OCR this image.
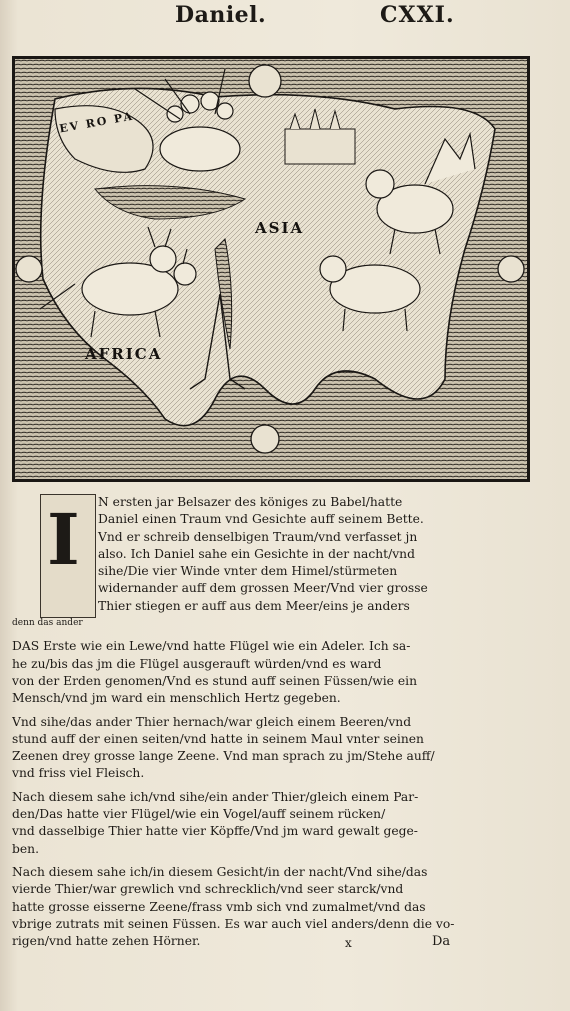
Daniel.	CXXI.
EV RO PA
ASIA
AFRICA
I	N ersten jar Belsazer des königes zu Babel/hatte
Daniel einen Traum vnd Gesichte auff seinem Bette.
Vnd er schreib denselbigen Traum/vnd verfasset jn
also. Ich Daniel sahe ein Gesichte in der nacht/vnd
sihe/Die vier Winde vnter dem Himel/stürmeten
widernander auff dem grossen Meer/Vnd vier grosse
Thier stiegen er auff aus dem Meer/eins je anders
denn das ander
DAS Erste wie ein Lewe/vnd hatte Flügel wie ein Adeler. Ich sa-
he zu/bis das jm die Flügel ausgerauft würden/vnd es ward
von der Erden genomen/Vnd es stund auff seinen Füssen/wie ein
Mensch/vnd jm ward ein menschlich Hertz gegeben.
Vnd sihe/das ander Thier hernach/war gleich einem Beeren/vnd
stund auff der einen seiten/vnd hatte in seinem Maul vnter seinen
Zeenen drey grosse lange Zeene. Vnd man sprach zu jm/Stehe auff/
vnd friss viel Fleisch.
Nach diesem sahe ich/vnd sihe/ein ander Thier/gleich einem Par-
den/Das hatte vier Flügel/wie ein Vogel/auff seinem rücken/
vnd dasselbige Thier hatte vier Köpffe/Vnd jm ward gewalt gege-
ben.
Nach diesem sahe ich/in diesem Gesicht/in der nacht/Vnd sihe/das
vierde Thier/war grewlich vnd schrecklich/vnd seer starck/vnd
hatte grosse eisserne Zeene/frass vmb sich vnd zumalmet/vnd das
vbrige zutrats mit seinen Füssen. Es war auch viel anders/denn die vo-
rigen/vnd hatte zehen Hörner.	x	Da
